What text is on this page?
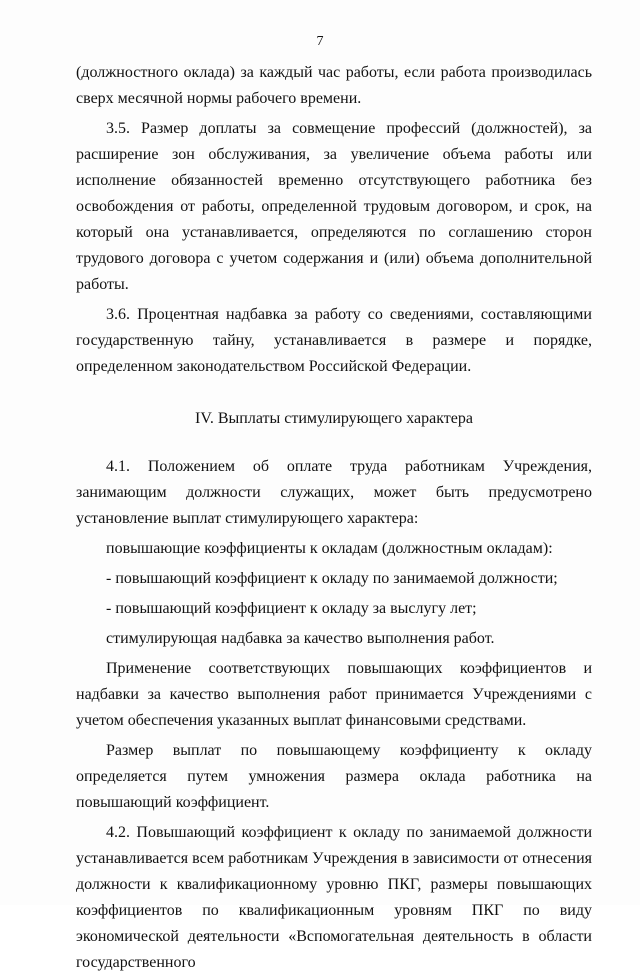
7

(должностного оклада) за каждый час работы, если работа производилась сверх месячной нормы рабочего времени.

3.5. Размер доплаты за совмещение профессий (должностей), за расширение зон обслуживания, за увеличение объема работы или исполнение обязанностей временно отсутствующего работника без освобождения от работы, определенной трудовым договором, и срок, на который она устанавливается, определяются по соглашению сторон трудового договора с учетом содержания и (или) объема дополнительной работы.

3.6. Процентная надбавка за работу со сведениями, составляющими государственную тайну, устанавливается в размере и порядке, определенном законодательством Российской Федерации.

IV. Выплаты стимулирующего характера

4.1. Положением об оплате труда работникам Учреждения, занимающим должности служащих, может быть предусмотрено установление выплат стимулирующего характера:

повышающие коэффициенты к окладам (должностным окладам):

- повышающий коэффициент к окладу по занимаемой должности;

- повышающий коэффициент к окладу за выслугу лет;

стимулирующая надбавка за качество выполнения работ.

Применение соответствующих повышающих коэффициентов и надбавки за качество выполнения работ принимается Учреждениями с учетом обеспечения указанных выплат финансовыми средствами.

Размер выплат по повышающему коэффициенту к окладу определяется путем умножения размера оклада работника на повышающий коэффициент.

4.2. Повышающий коэффициент к окладу по занимаемой должности устанавливается всем работникам Учреждения в зависимости от отнесения должности к квалификационному уровню ПКГ, размеры повышающих коэффициентов по квалификационным уровням ПКГ по виду экономической деятельности «Вспомогательная деятельность в области государственного
